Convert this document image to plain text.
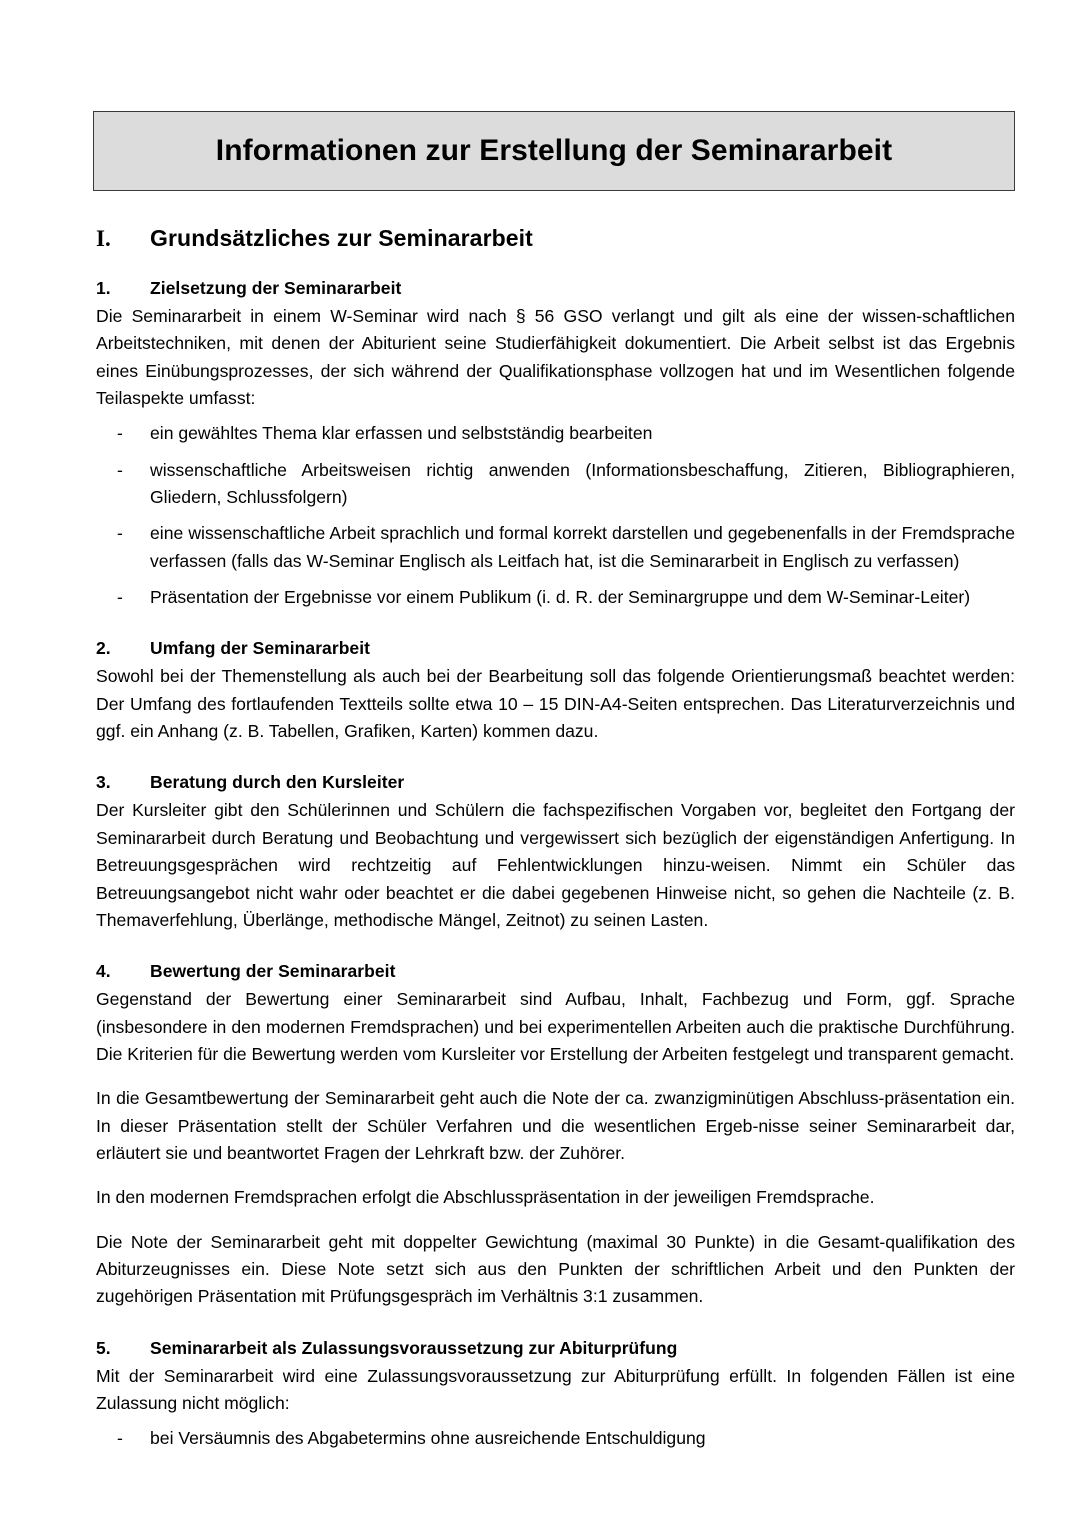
Informationen zur Erstellung der Seminararbeit
I.	Grundsätzliches zur Seminararbeit
1.	Zielsetzung der Seminararbeit

Die Seminararbeit in einem W-Seminar wird nach § 56 GSO verlangt und gilt als eine der wissen-schaftlichen Arbeitstechniken, mit denen der Abiturient seine Studierfähigkeit dokumentiert. Die Arbeit selbst ist das Ergebnis eines Einübungsprozesses, der sich während der Qualifikationsphase vollzogen hat und im Wesentlichen folgende Teilaspekte umfasst:

- ein gewähltes Thema klar erfassen und selbstständig bearbeiten
- wissenschaftliche Arbeitsweisen richtig anwenden (Informationsbeschaffung, Zitieren, Bibliographieren, Gliedern, Schlussfolgern)
- eine wissenschaftliche Arbeit sprachlich und formal korrekt darstellen und gegebenenfalls in der Fremdsprache verfassen (falls das W-Seminar Englisch als Leitfach hat, ist die Seminararbeit in Englisch zu verfassen)
- Präsentation der Ergebnisse vor einem Publikum (i. d. R. der Seminargruppe und dem W-Seminar-Leiter)
2.	Umfang der Seminararbeit

Sowohl bei der Themenstellung als auch bei der Bearbeitung soll das folgende Orientierungsmaß beachtet werden: Der Umfang des fortlaufenden Textteils sollte etwa 10 – 15 DIN-A4-Seiten entsprechen. Das Literaturverzeichnis und ggf. ein Anhang (z. B. Tabellen, Grafiken, Karten) kommen dazu.

3.	Beratung durch den Kursleiter

Der Kursleiter gibt den Schülerinnen und Schülern die fachspezifischen Vorgaben vor, begleitet den Fortgang der Seminararbeit durch Beratung und Beobachtung und vergewissert sich bezüglich der eigenständigen Anfertigung. In Betreuungsgesprächen wird rechtzeitig auf Fehlentwicklungen hinzu-weisen. Nimmt ein Schüler das Betreuungsangebot nicht wahr oder beachtet er die dabei gegebenen Hinweise nicht, so gehen die Nachteile (z. B. Themaverfehlung, Überlänge, methodische Mängel, Zeitnot) zu seinen Lasten.

4.	Bewertung der Seminararbeit

Gegenstand der Bewertung einer Seminararbeit sind Aufbau, Inhalt, Fachbezug und Form, ggf. Sprache (insbesondere in den modernen Fremdsprachen) und bei experimentellen Arbeiten auch die praktische Durchführung. Die Kriterien für die Bewertung werden vom Kursleiter vor Erstellung der Arbeiten festgelegt und transparent gemacht.

In die Gesamtbewertung der Seminararbeit geht auch die Note der ca. zwanzigminütigen Abschluss-präsentation ein. In dieser Präsentation stellt der Schüler Verfahren und die wesentlichen Ergeb-nisse seiner Seminararbeit dar, erläutert sie und beantwortet Fragen der Lehrkraft bzw. der Zuhörer.

In den modernen Fremdsprachen erfolgt die Abschlusspräsentation in der jeweiligen Fremdsprache.

Die Note der Seminararbeit geht mit doppelter Gewichtung (maximal 30 Punkte) in die Gesamt-qualifikation des Abiturzeugnisses ein. Diese Note setzt sich aus den Punkten der schriftlichen Arbeit und den Punkten der zugehörigen Präsentation mit Prüfungsgespräch im Verhältnis 3:1 zusammen.

5.	Seminararbeit als Zulassungsvoraussetzung zur Abiturprüfung

Mit der Seminararbeit wird eine Zulassungsvoraussetzung zur Abiturprüfung erfüllt. In folgenden Fällen ist eine Zulassung nicht möglich:

- bei Versäumnis des Abgabetermins ohne ausreichende Entschuldigung
